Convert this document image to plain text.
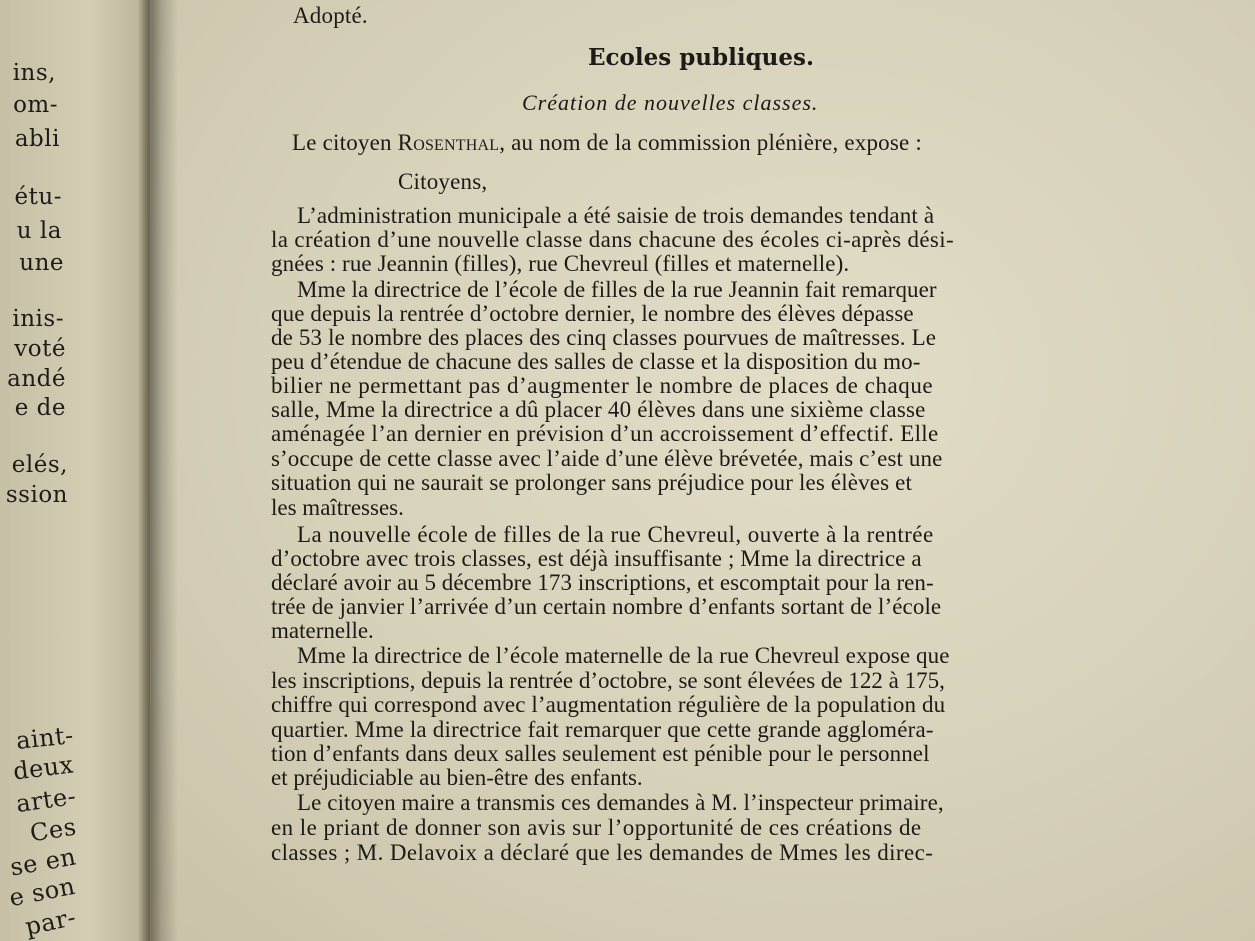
ins,
om-
abli
étu-
u la
une
inis-
voté
andé
e de
elés,
ssion
aint-
deux
arte-
Ces
se en
e son
par-
Adopté.
Ecoles publiques.
Création de nouvelles classes.
Le citoyen Rosenthal, au nom de la commission plénière, expose :
Citoyens,
L’administration municipale a été saisie de trois demandes tendant à
la création d’une nouvelle classe dans chacune des écoles ci-après dési-
gnées : rue Jeannin (filles), rue Chevreul (filles et maternelle).
Mme la directrice de l’école de filles de la rue Jeannin fait remarquer
que depuis la rentrée d’octobre dernier, le nombre des élèves dépasse
de 53 le nombre des places des cinq classes pourvues de maîtresses. Le
peu d’étendue de chacune des salles de classe et la disposition du mo-
bilier ne permettant pas d’augmenter le nombre de places de chaque
salle, Mme la directrice a dû placer 40 élèves dans une sixième classe
aménagée l’an dernier en prévision d’un accroissement d’effectif. Elle
s’occupe de cette classe avec l’aide d’une élève brévetée, mais c’est une
situation qui ne saurait se prolonger sans préjudice pour les élèves et
les maîtresses.
La nouvelle école de filles de la rue Chevreul, ouverte à la rentrée
d’octobre avec trois classes, est déjà insuffisante ; Mme la directrice a
déclaré avoir au 5 décembre 173 inscriptions, et escomptait pour la ren-
trée de janvier l’arrivée d’un certain nombre d’enfants sortant de l’école
maternelle.
Mme la directrice de l’école maternelle de la rue Chevreul expose que
les inscriptions, depuis la rentrée d’octobre, se sont élevées de 122 à 175,
chiffre qui correspond avec l’augmentation régulière de la population du
quartier. Mme la directrice fait remarquer que cette grande aggloméra-
tion d’enfants dans deux salles seulement est pénible pour le personnel
et préjudiciable au bien-être des enfants.
Le citoyen maire a transmis ces demandes à M. l’inspecteur primaire,
en le priant de donner son avis sur l’opportunité de ces créations de
classes ; M. Delavoix a déclaré que les demandes de Mmes les direc-
